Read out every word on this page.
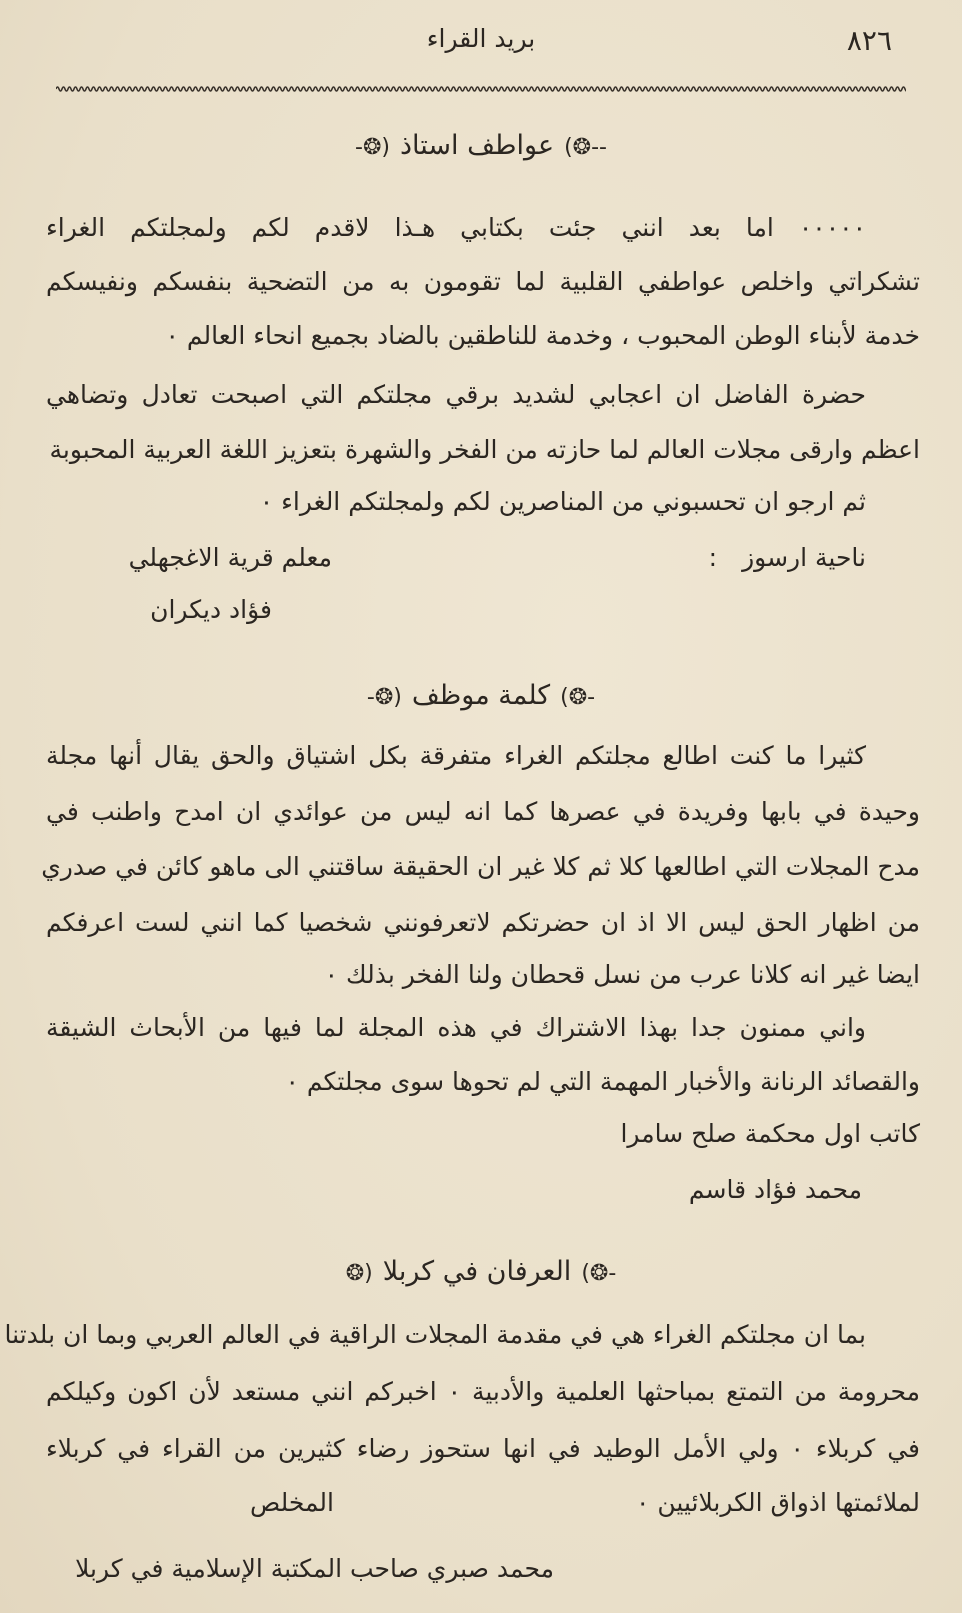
٨٢٦
بريد القراء
--❂)عواطف استاذ(❂-
٠٠٠٠٠ اما بعد انني جئت بكتابي هـذا لاقدم لكم ولمجلتكم الغراء
تشكراتي واخلص عواطفي القلبية لما تقومون به من التضحية بنفسكم ونفيسكم
خدمة لأبناء الوطن المحبوب ، وخدمة للناطقين بالضاد بجميع انحاء العالم ٠
حضرة الفاضل ان اعجابي لشديد برقي مجلتكم التي اصبحت تعادل وتضاهي
اعظم وارقى مجلات العالم لما حازته من الفخر والشهرة بتعزيز اللغة العربية المحبوبة
ثم ارجو ان تحسبوني من المناصرين لكم ولمجلتكم الغراء ٠
ناحية ارسوز
:
معلم قرية الاغجهلي
فؤاد ديكران
-❂)كلمة موظف(❂-
كثيرا ما كنت اطالع مجلتكم الغراء متفرقة بكل اشتياق والحق يقال أنها مجلة
وحيدة في بابها وفريدة في عصرها كما انه ليس من عوائدي ان امدح واطنب في
مدح المجلات التي اطالعها كلا ثم كلا غير ان الحقيقة ساقتني الى ماهو كائن في صدري
من اظهار الحق ليس الا اذ ان حضرتكم لاتعرفونني شخصيا كما انني لست اعرفكم
ايضا غير انه كلانا عرب من نسل قحطان ولنا الفخر بذلك ٠
واني ممنون جدا بهذا الاشتراك في هذه المجلة لما فيها من الأبحاث الشيقة
والقصائد الرنانة والأخبار المهمة التي لم تحوها سوى مجلتكم ٠
كاتب اول محكمة صلح سامرا
محمد فؤاد قاسم
-❂)العرفان في كربلا(❂
بما ان مجلتكم الغراء هي في مقدمة المجلات الراقية في العالم العربي وبما ان بلدتنا
محرومة من التمتع بمباحثها العلمية والأدبية ٠ اخبركم انني مستعد لأن اكون وكيلكم
في كربلاء ٠ ولي الأمل الوطيد في انها ستحوز رضاء كثيرين من القراء في كربلاء
لملائمتها اذواق الكربلائيين ٠
المخلص
محمد صبري صاحب المكتبة الإسلامية في كربلا
